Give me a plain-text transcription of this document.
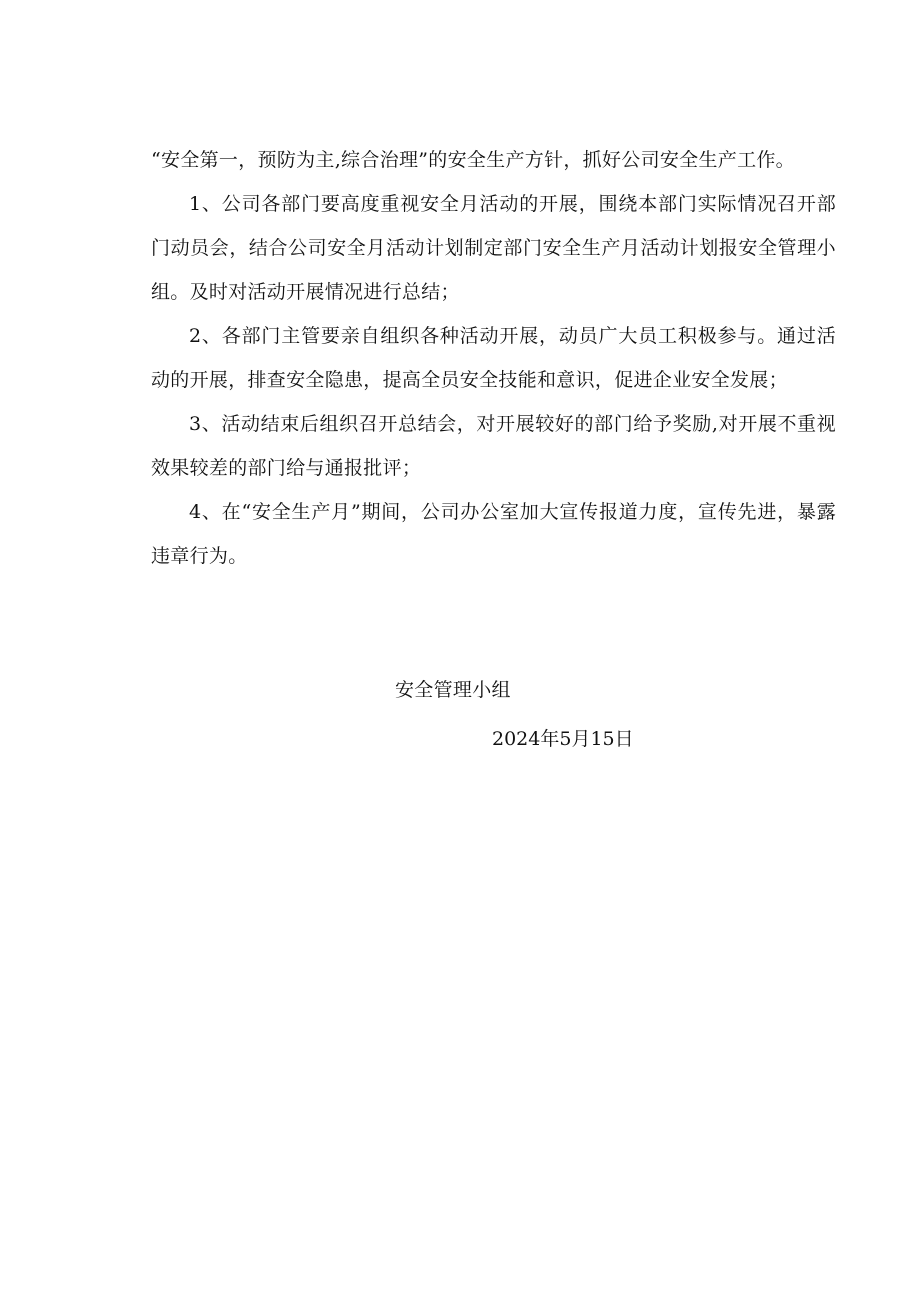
“安全第一，预防为主,综合治理”的安全生产方针，抓好公司安全生产工作。

1、公司各部门要高度重视安全月活动的开展，围绕本部门实际情况召开部门动员会，结合公司安全月活动计划制定部门安全生产月活动计划报安全管理小组。及时对活动开展情况进行总结；

2、各部门主管要亲自组织各种活动开展，动员广大员工积极参与。通过活动的开展，排查安全隐患，提高全员安全技能和意识，促进企业安全发展；

3、活动结束后组织召开总结会，对开展较好的部门给予奖励,对开展不重视效果较差的部门给与通报批评；

4、在“安全生产月”期间，公司办公室加大宣传报道力度，宣传先进，暴露违章行为。

安全管理小组
2024年5月15日
